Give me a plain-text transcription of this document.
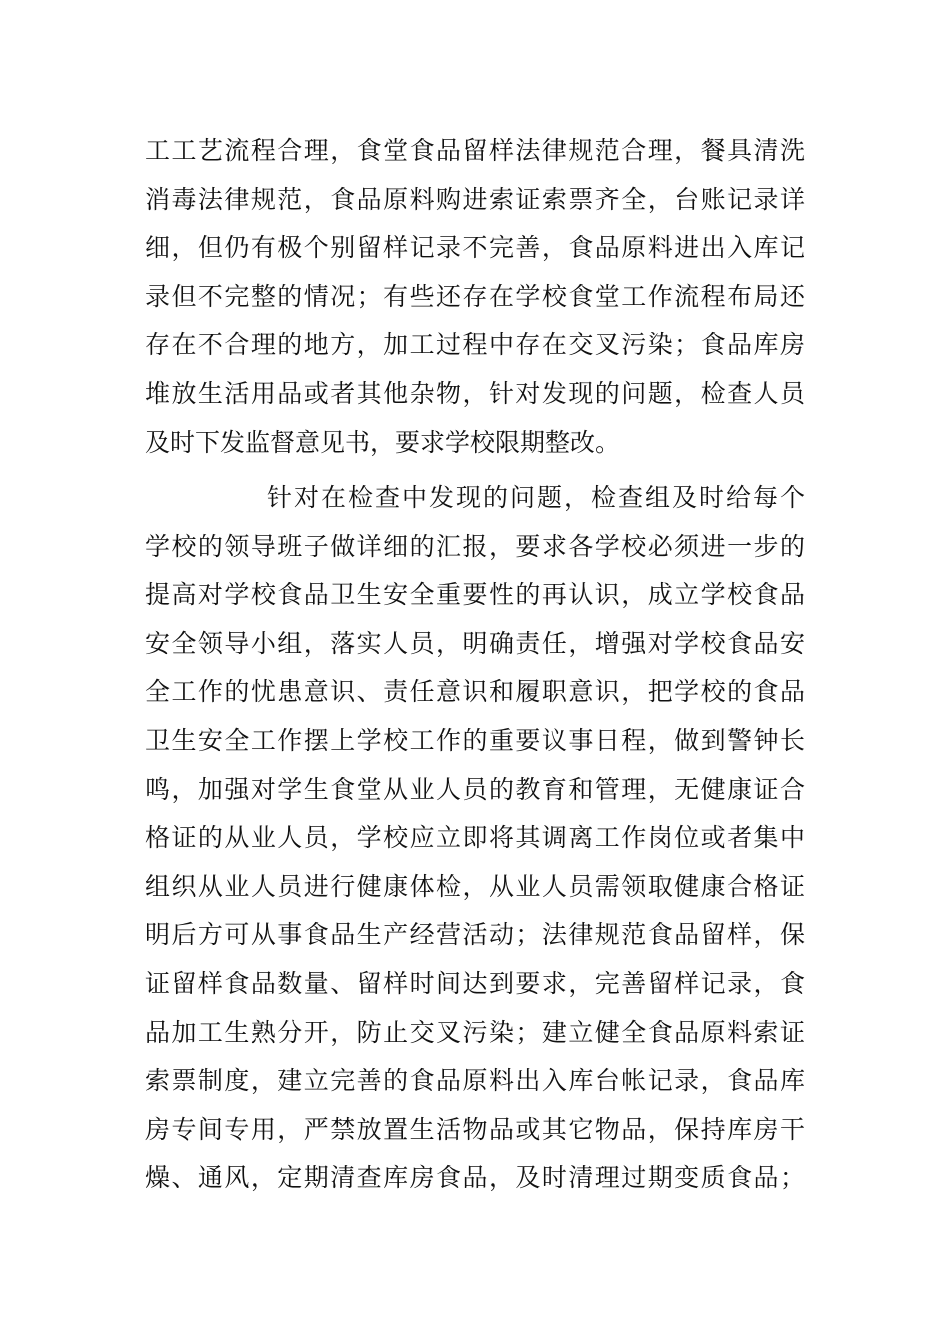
工工艺流程合理，食堂食品留样法律规范合理，餐具清洗
消毒法律规范，食品原料购进索证索票齐全，台账记录详
细，但仍有极个别留样记录不完善，食品原料进出入库记
录但不完整的情况；有些还存在学校食堂工作流程布局还
存在不合理的地方，加工过程中存在交叉污染；食品库房
堆放生活用品或者其他杂物，针对发现的问题，检查人员
及时下发监督意见书，要求学校限期整改。
针对在检查中发现的问题，检查组及时给每个
学校的领导班子做详细的汇报，要求各学校必须进一步的
提高对学校食品卫生安全重要性的再认识，成立学校食品
安全领导小组，落实人员，明确责任，增强对学校食品安
全工作的忧患意识、责任意识和履职意识，把学校的食品
卫生安全工作摆上学校工作的重要议事日程，做到警钟长
鸣，加强对学生食堂从业人员的教育和管理，无健康证合
格证的从业人员，学校应立即将其调离工作岗位或者集中
组织从业人员进行健康体检，从业人员需领取健康合格证
明后方可从事食品生产经营活动；法律规范食品留样，保
证留样食品数量、留样时间达到要求，完善留样记录，食
品加工生熟分开，防止交叉污染；建立健全食品原料索证
索票制度，建立完善的食品原料出入库台帐记录，食品库
房专间专用，严禁放置生活物品或其它物品，保持库房干
燥、通风，定期清查库房食品，及时清理过期变质食品；
